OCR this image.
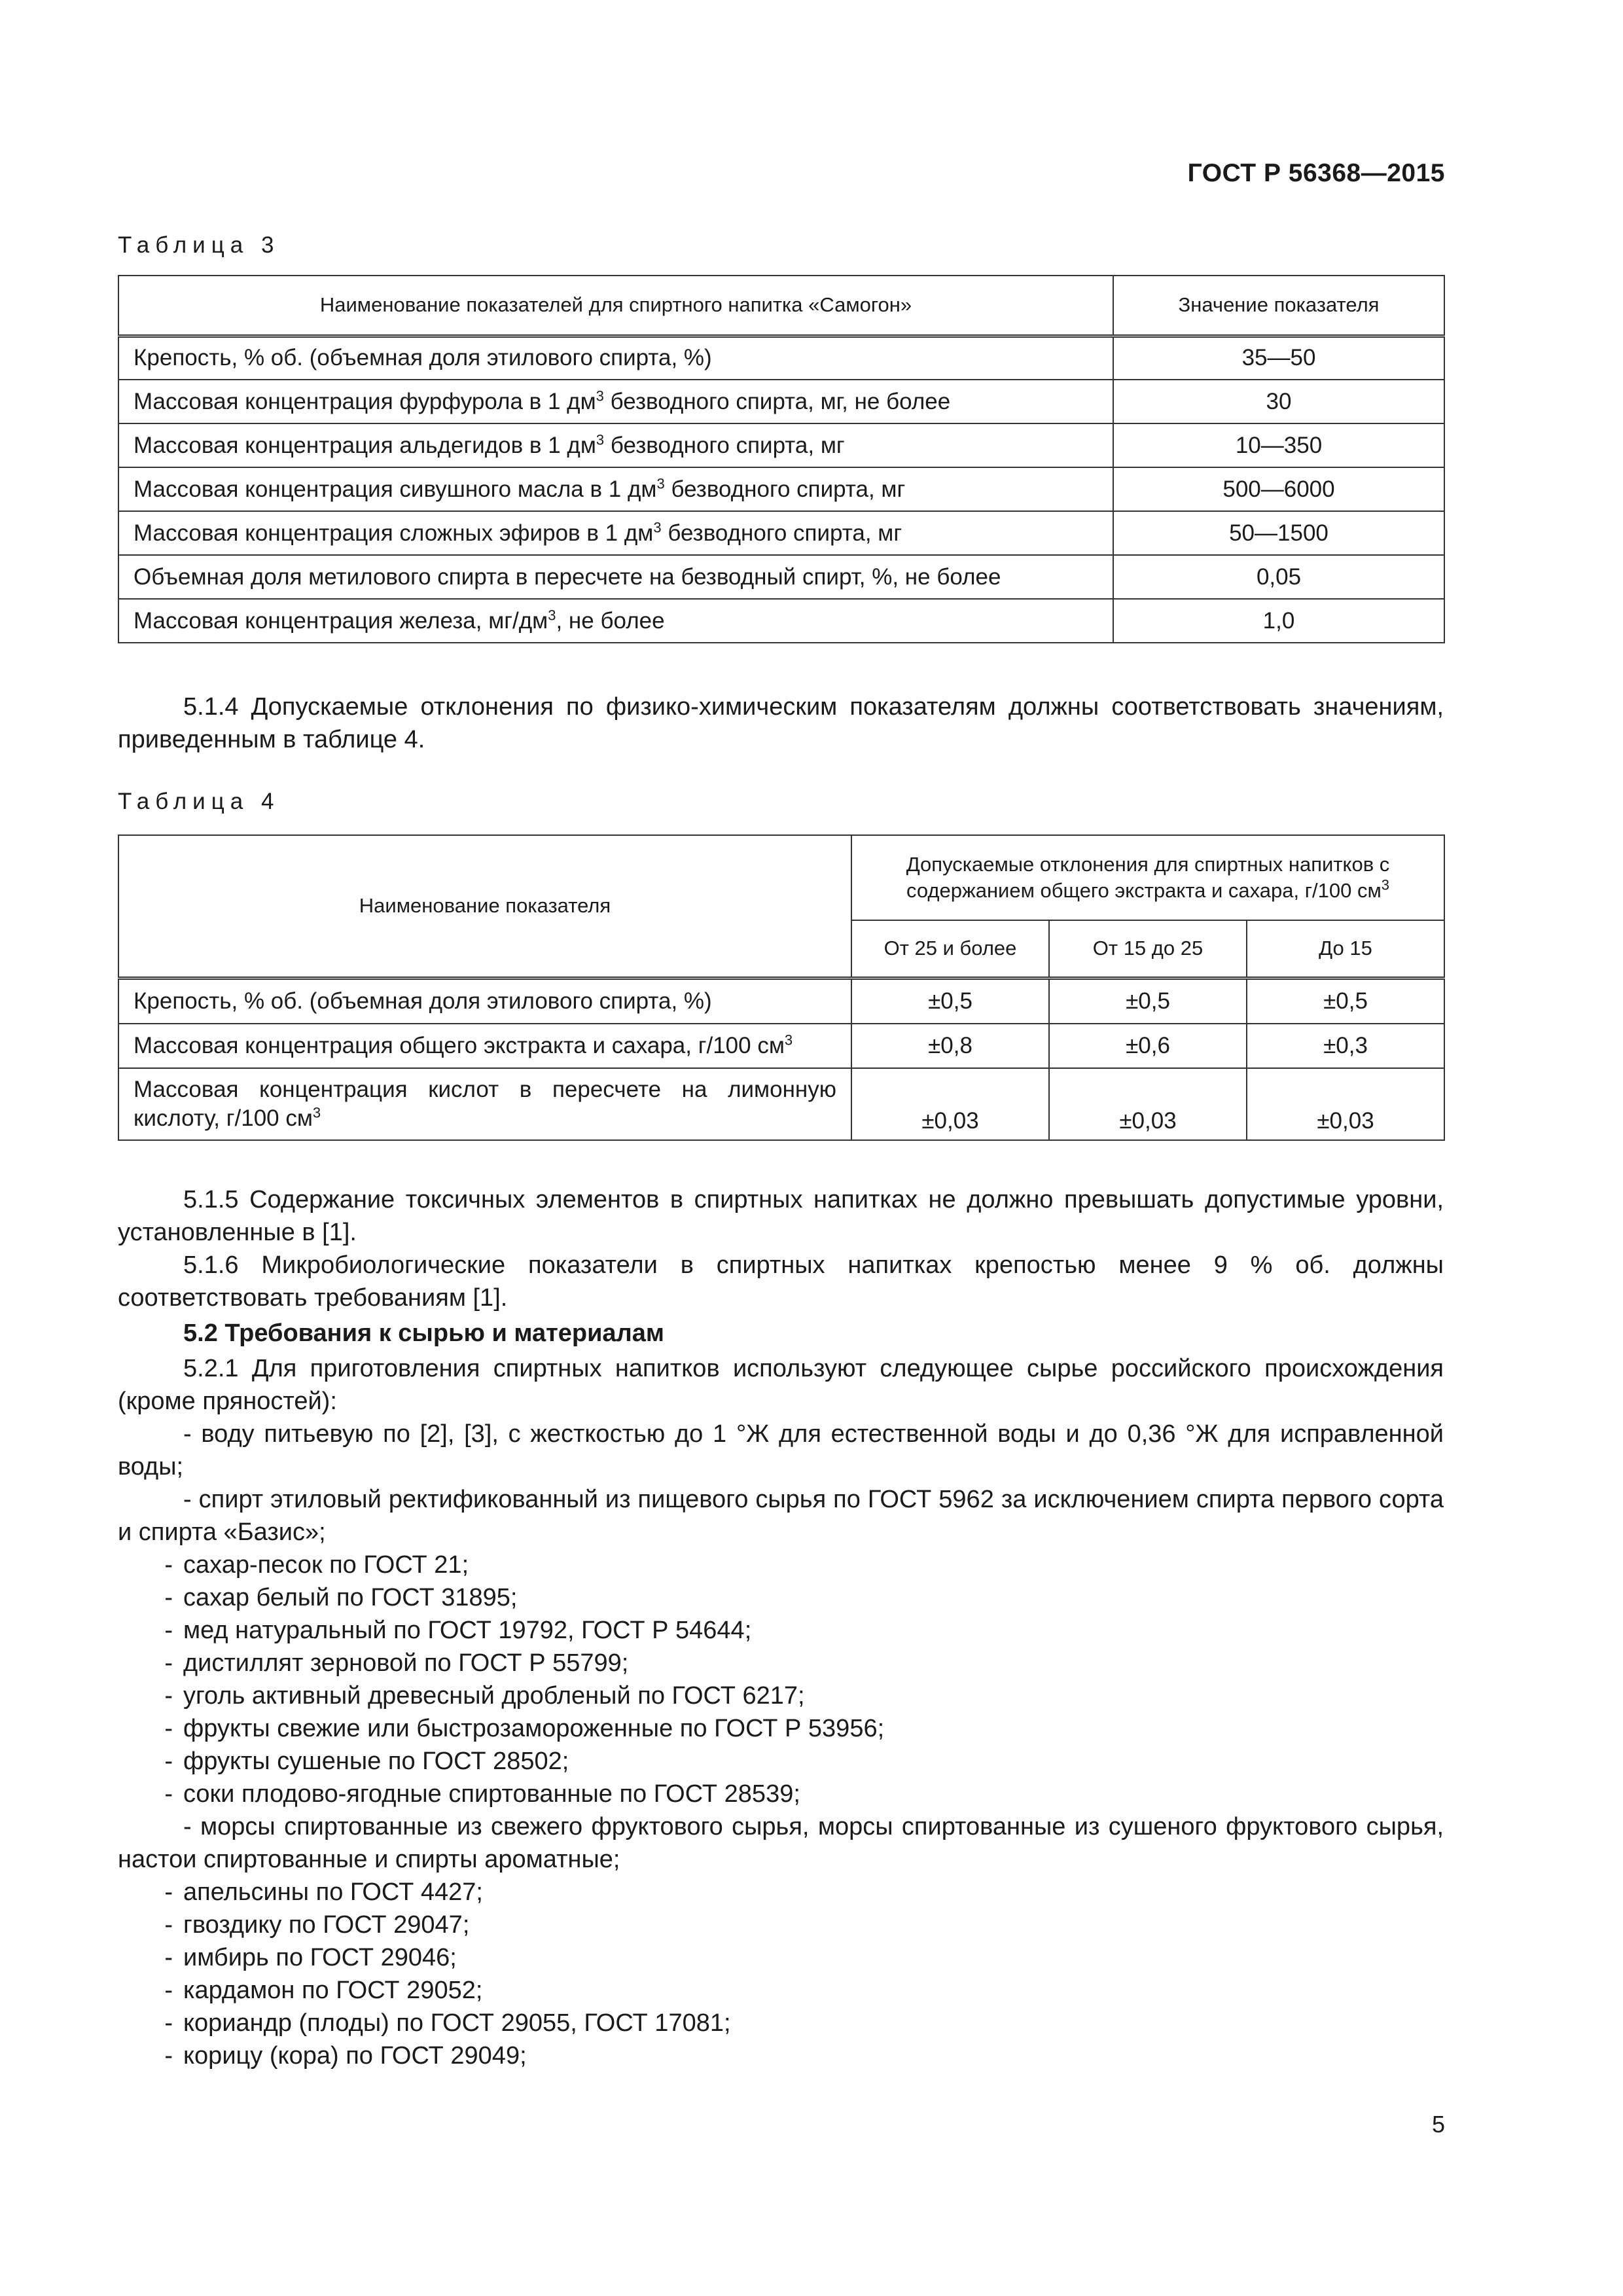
ГОСТ Р 56368—2015
Таблица 3
Наименование показателей для спиртного напитка «Самогон»	Значение показателя
Крепость, % об. (объемная доля этилового спирта, %)	35—50
Массовая концентрация фурфурола в 1 $дм^3$ безводного спирта, мг, не более	30
Массовая концентрация альдегидов в 1 $дм^3$ безводного спирта, мг	10—350
Массовая концентрация сивушного масла в 1 $дм^3$ безводного спирта, мг	500—6000
Массовая концентрация сложных эфиров в 1 $дм^3$ безводного спирта, мг	50—1500
Объемная доля метилового спирта в пересчете на безводный спирт, %, не более	0,05
Массовая концентрация железа, $мг/дм^3$, не более	1,0

5.1.4 Допускаемые отклонения по физико-химическим показателям должны соответствовать значениям, приведенным в таблице 4.

Таблица 4
Наименование показателя	Допускаемые отклонения для спиртных напитков с содержанием общего экстракта и сахара, г/100 $см^3$
	От 25 и более	От 15 до 25	До 15
Крепость, % об. (объемная доля этилового спирта, %)	±0,5	±0,5	±0,5
Массовая концентрация общего экстракта и сахара, г/100 $см^3$	±0,8	±0,6	±0,3
Массовая концентрация кислот в пересчете на лимонную кислоту, г/100 $см^3$	±0,03	±0,03	±0,03

5.1.5 Содержание токсичных элементов в спиртных напитках не должно превышать допустимые уровни, установленные в [1].

5.1.6 Микробиологические показатели в спиртных напитках крепостью менее 9 % об. должны соответствовать требованиям [1].

5.2 Требования к сырью и материалам

5.2.1 Для приготовления спиртных напитков используют следующее сырье российского происхождения (кроме пряностей):

- воду питьевую по [2], [3], с жесткостью до 1 °Ж для естественной воды и до 0,36 °Ж для исправленной воды;

- спирт этиловый ректификованный из пищевого сырья по ГОСТ 5962 за исключением спирта первого сорта и спирта «Базис»;

- сахар-песок по ГОСТ 21;

- сахар белый по ГОСТ 31895;

- мед натуральный по ГОСТ 19792, ГОСТ Р 54644;

- дистиллят зерновой по ГОСТ Р 55799;

- уголь активный древесный дробленый по ГОСТ 6217;

- фрукты свежие или быстрозамороженные по ГОСТ Р 53956;

- фрукты сушеные по ГОСТ 28502;

- соки плодово-ягодные спиртованные по ГОСТ 28539;

- морсы спиртованные из свежего фруктового сырья, морсы спиртованные из сушеного фруктового сырья, настои спиртованные и спирты ароматные;

- апельсины по ГОСТ 4427;

- гвоздику по ГОСТ 29047;

- имбирь по ГОСТ 29046;

- кардамон по ГОСТ 29052;

- кориандр (плоды) по ГОСТ 29055, ГОСТ 17081;

- корицу (кора) по ГОСТ 29049;

5
